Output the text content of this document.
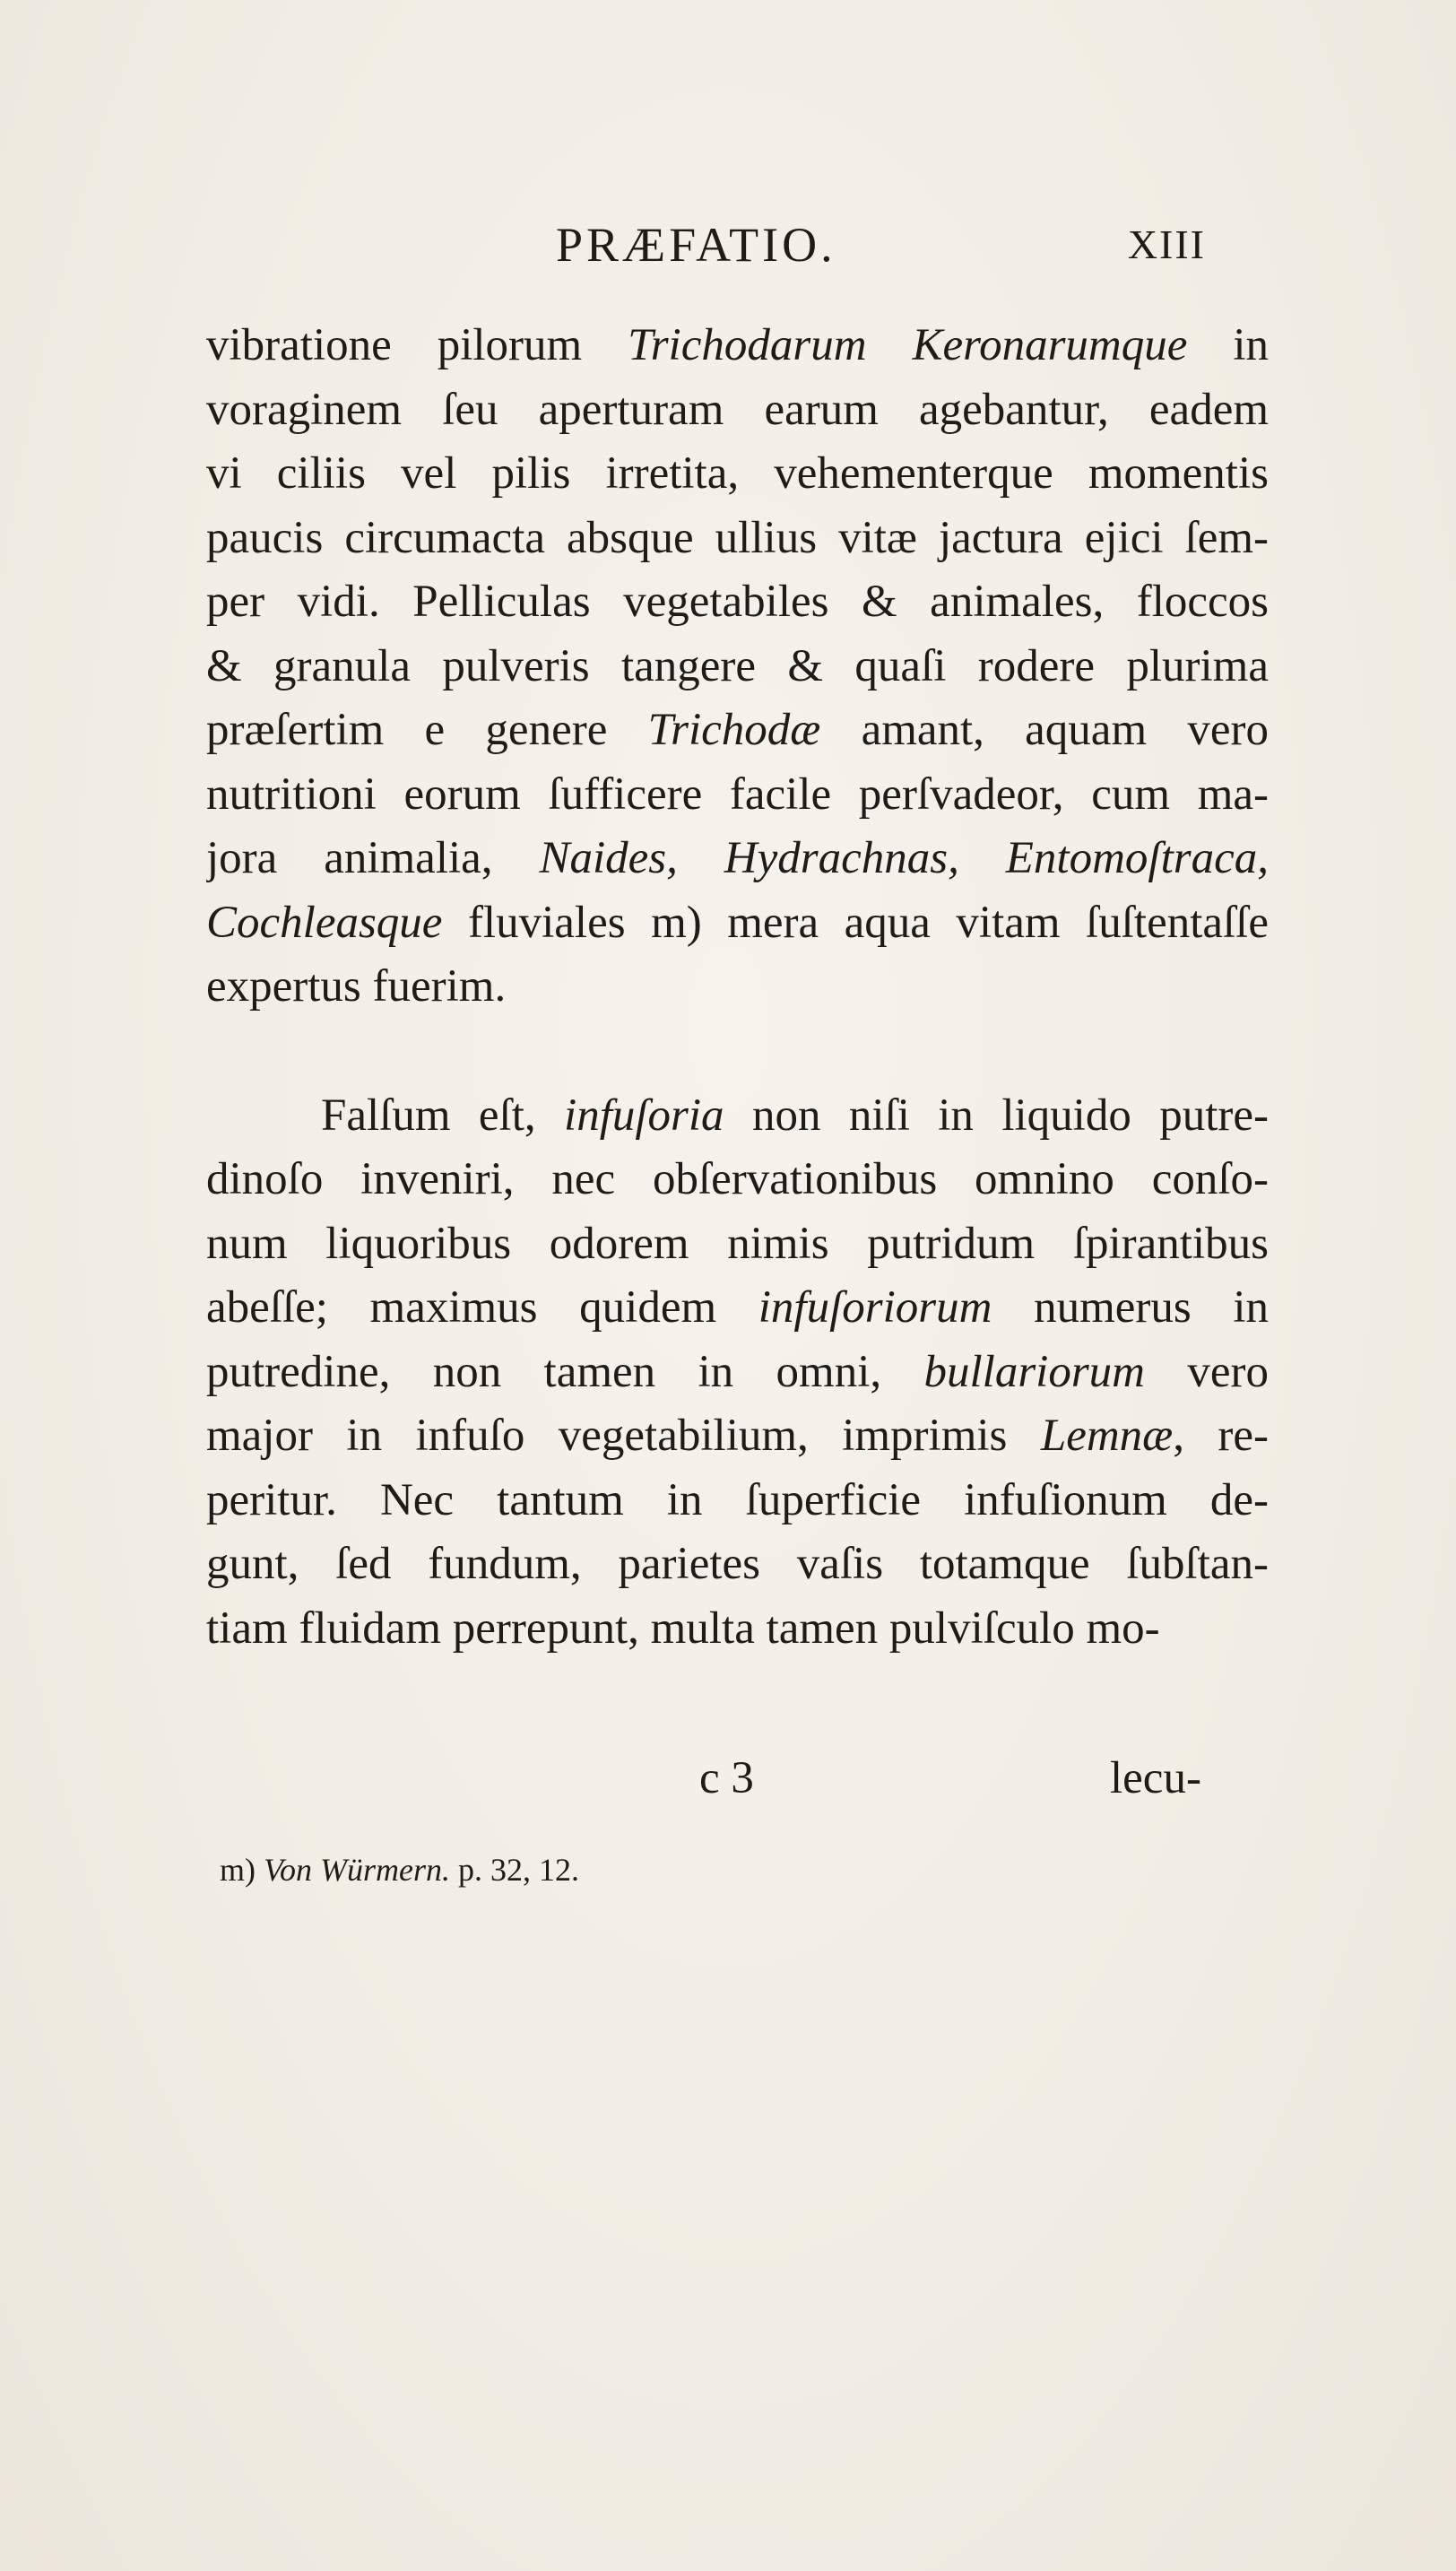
PRÆFATIO.	XIII
vibratione pilorum Trichodarum Keronarumque in
voraginem ſeu aperturam earum agebantur, eadem
vi ciliis vel pilis irretita, vehementerque momentis
paucis circumacta absque ullius vitæ jactura ejici ſem-
per vidi. Pelliculas vegetabiles & animales, floccos
& granula pulveris tangere & quaſi rodere plurima
præſertim e genere Trichodæ amant, aquam vero
nutritioni eorum ſufficere facile perſvadeor, cum ma-
jora animalia, Naides, Hydrachnas, Entomoſtraca,
Cochleasque fluviales m) mera aqua vitam ſuſtentaſſe
expertus fuerim.
Falſum eſt, infuſoria non niſi in liquido putre-
dinoſo inveniri, nec obſervationibus omnino conſo-
num liquoribus odorem nimis putridum ſpirantibus
abeſſe; maximus quidem infuſoriorum numerus in
putredine, non tamen in omni, bullariorum vero
major in infuſo vegetabilium, imprimis Lemnæ, re-
peritur. Nec tantum in ſuperficie infuſionum de-
gunt, ſed fundum, parietes vaſis totamque ſubſtan-
tiam fluidam perrepunt, multa tamen pulviſculo mo-
c 3	lecu-
m) Von Würmern. p. 32, 12.
